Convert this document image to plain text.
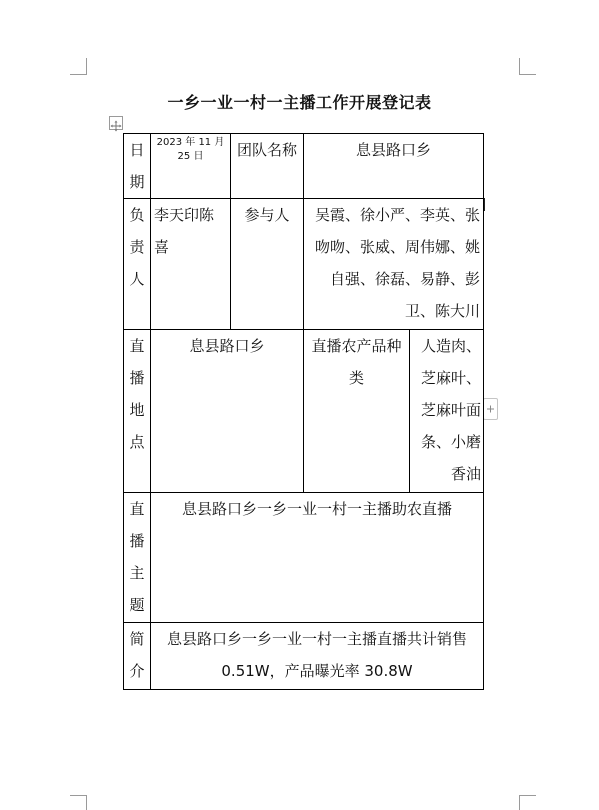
一乡一业一村一主播工作开展登记表
日期	2023 年 11 月 25 日	团队名称	息县路口乡	
负责人	李天印陈喜	参与人	吴霞、徐小严、李英、张吻吻、张威、周伟娜、姚自强、徐磊、易静、彭卫、陈大川	
直播地点	息县路口乡		直播农产品种类	人造肉、芝麻叶、芝麻叶面条、小磨香油
直播主题	息县路口乡一乡一业一村一主播助农直播			
简介	息县路口乡一乡一业一村一主播直播共计销售0.51W，产品曝光率 30.8W			
